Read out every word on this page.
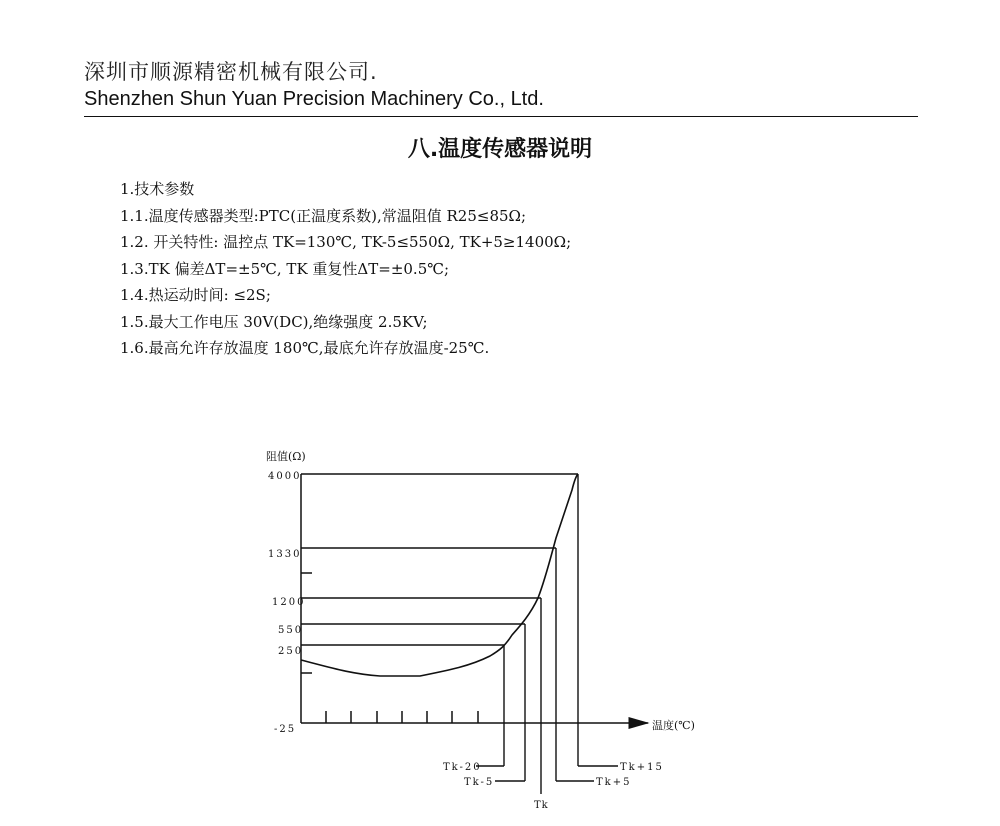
深圳市顺源精密机械有限公司.
Shenzhen Shun Yuan Precision Machinery Co., Ltd.
八.温度传感器说明
1.技术参数
1.1.温度传感器类型:PTC(正温度系数),常温阻值 R25≤85Ω;
1.2. 开关特性: 温控点 TK=130℃, TK-5≤550Ω, TK+5≥1400Ω;
1.3.TK 偏差ΔT=±5℃, TK 重复性ΔT=±0.5℃;
1.4.热运动时间: ≤2S;
1.5.最大工作电压 30V(DC),绝缘强度 2.5KV;
1.6.最高允许存放温度 180℃,最底允许存放温度-25℃.
阻值(Ω)
温度(℃)
4000
1330
1200
550
250
-25
Tk-20
Tk-5
Tk
Tk+5
Tk+15
